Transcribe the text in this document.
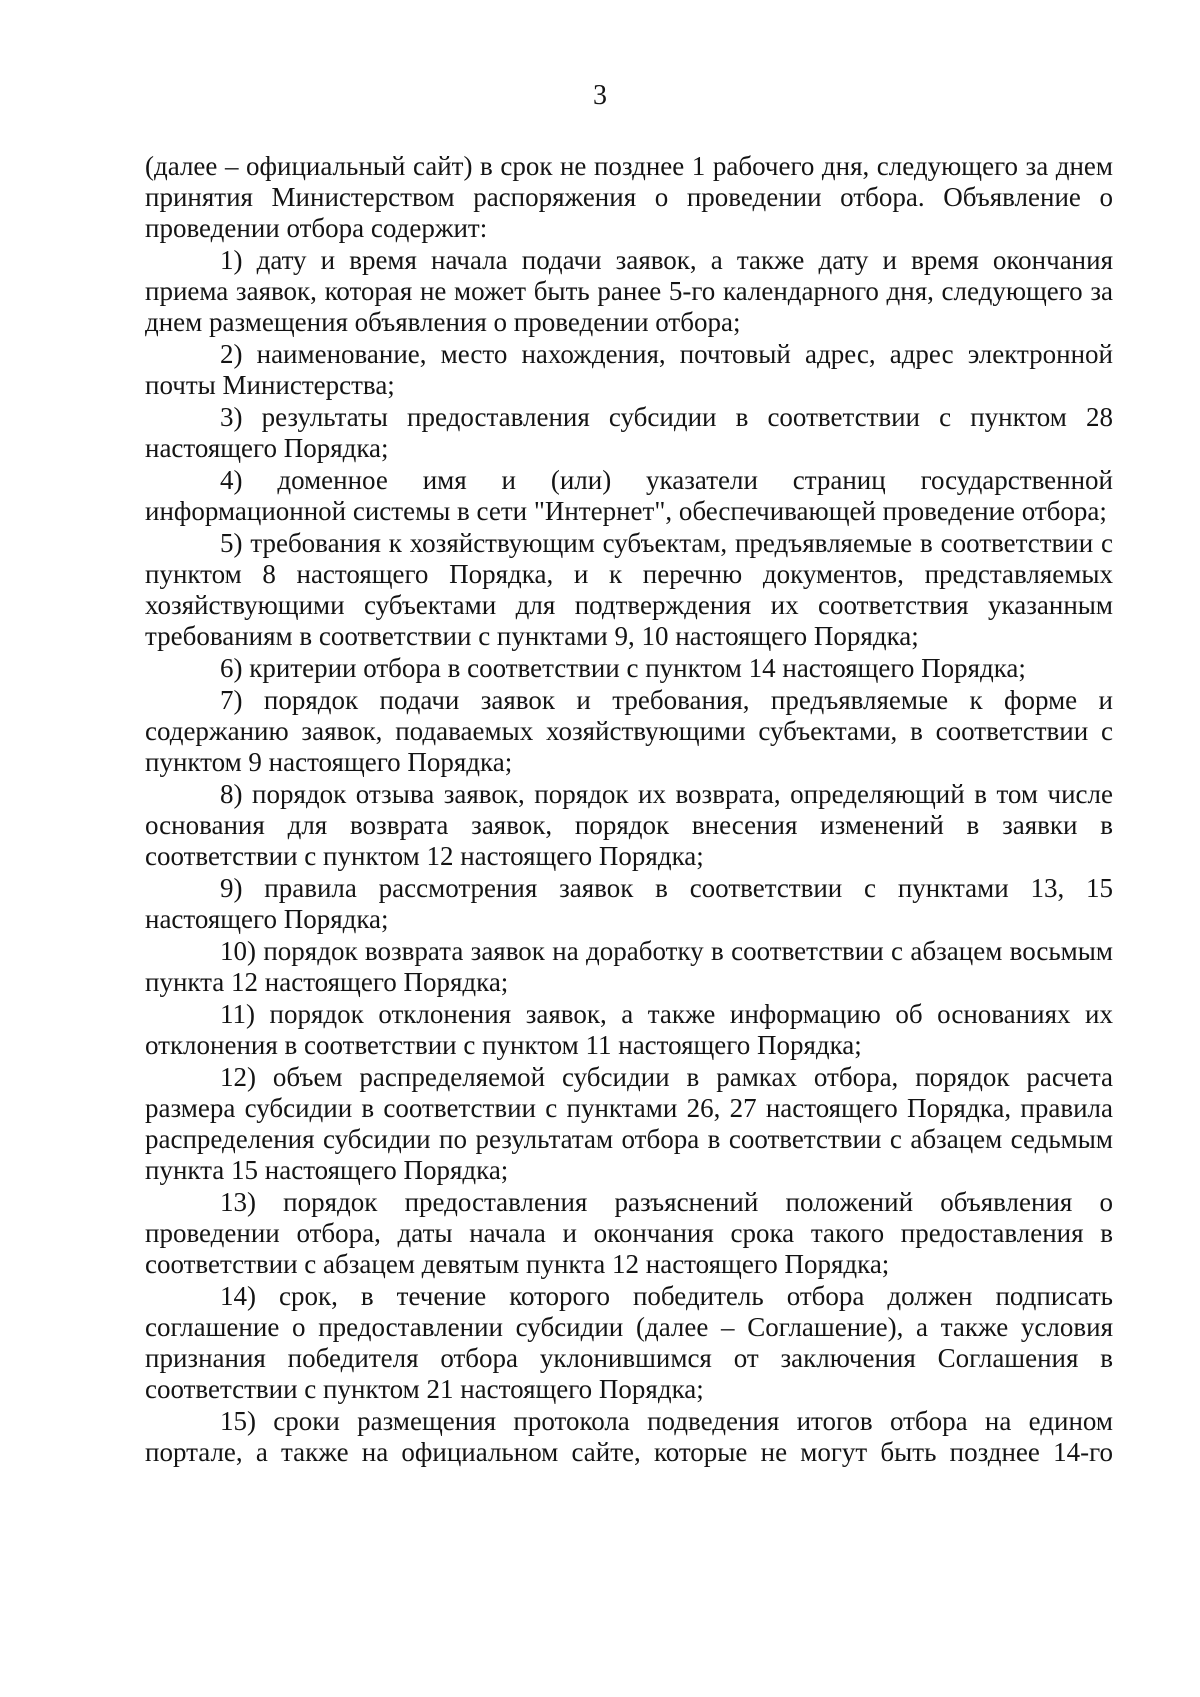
3

(далее – официальный сайт) в срок не позднее 1 рабочего дня, следующего за днем принятия Министерством распоряжения о проведении отбора. Объявление о проведении отбора содержит:

1) дату и время начала подачи заявок, а также дату и время окончания приема заявок, которая не может быть ранее 5-го календарного дня, следующего за днем размещения объявления о проведении отбора;

2) наименование, место нахождения, почтовый адрес, адрес электронной почты Министерства;

3) результаты предоставления субсидии в соответствии с пунктом 28 настоящего Порядка;

4) доменное имя и (или) указатели страниц государственной информационной системы в сети "Интернет", обеспечивающей проведение отбора;

5) требования к хозяйствующим субъектам, предъявляемые в соответствии с пунктом 8 настоящего Порядка, и к перечню документов, представляемых хозяйствующими субъектами для подтверждения их соответствия указанным требованиям в соответствии с пунктами 9, 10 настоящего Порядка;

6) критерии отбора в соответствии с пунктом 14 настоящего Порядка;

7) порядок подачи заявок и требования, предъявляемые к форме и содержанию заявок, подаваемых хозяйствующими субъектами, в соответствии с пунктом 9 настоящего Порядка;

8) порядок отзыва заявок, порядок их возврата, определяющий в том числе основания для возврата заявок, порядок внесения изменений в заявки в соответствии с пунктом 12 настоящего Порядка;

9) правила рассмотрения заявок в соответствии с пунктами 13, 15 настоящего Порядка;

10) порядок возврата заявок на доработку в соответствии с абзацем восьмым пункта 12 настоящего Порядка;

11) порядок отклонения заявок, а также информацию об основаниях их отклонения в соответствии с пунктом 11 настоящего Порядка;

12) объем распределяемой субсидии в рамках отбора, порядок расчета размера субсидии в соответствии с пунктами 26, 27 настоящего Порядка, правила распределения субсидии по результатам отбора в соответствии с абзацем седьмым пункта 15 настоящего Порядка;

13) порядок предоставления разъяснений положений объявления о проведении отбора, даты начала и окончания срока такого предоставления в соответствии с абзацем девятым пункта 12 настоящего Порядка;

14) срок, в течение которого победитель отбора должен подписать соглашение о предоставлении субсидии (далее – Соглашение), а также условия признания победителя отбора уклонившимся от заключения Соглашения в соответствии с пунктом 21 настоящего Порядка;

15) сроки размещения протокола подведения итогов отбора на едином портале, а также на официальном сайте, которые не могут быть позднее 14-го
